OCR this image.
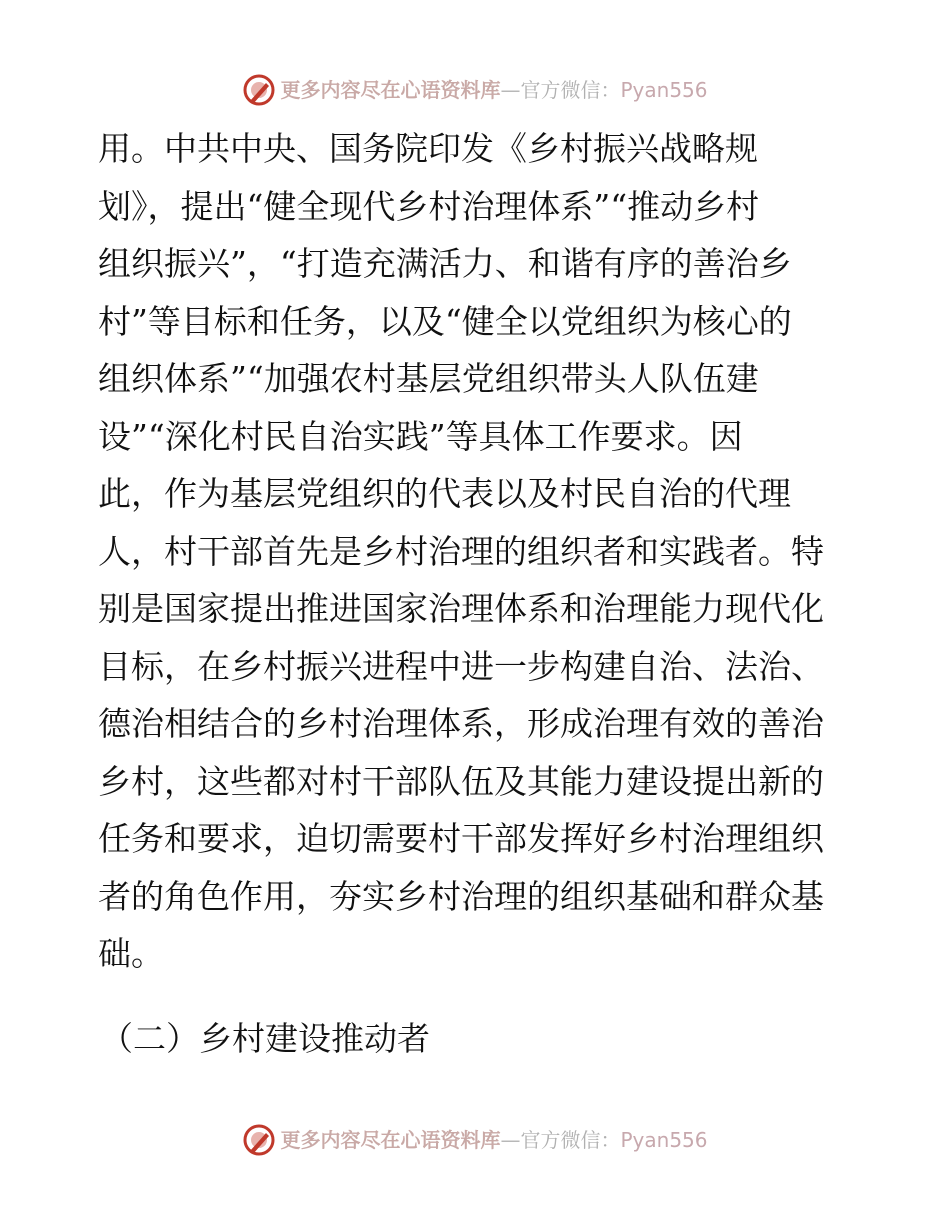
更多内容尽在心语资料库—官方微信：Pyan556

用。中共中央、国务院印发《乡村振兴战略规
划》，提出“健全现代乡村治理体系”“推动乡村
组织振兴”，“打造充满活力、和谐有序的善治乡
村”等目标和任务，以及“健全以党组织为核心的
组织体系”“加强农村基层党组织带头人队伍建
设”“深化村民自治实践”等具体工作要求。因
此，作为基层党组织的代表以及村民自治的代理
人，村干部首先是乡村治理的组织者和实践者。特
别是国家提出推进国家治理体系和治理能力现代化
目标，在乡村振兴进程中进一步构建自治、法治、
德治相结合的乡村治理体系，形成治理有效的善治
乡村，这些都对村干部队伍及其能力建设提出新的
任务和要求，迫切需要村干部发挥好乡村治理组织
者的角色作用，夯实乡村治理的组织基础和群众基
础。

（二）乡村建设推动者
更多内容尽在心语资料库—官方微信：Pyan556
